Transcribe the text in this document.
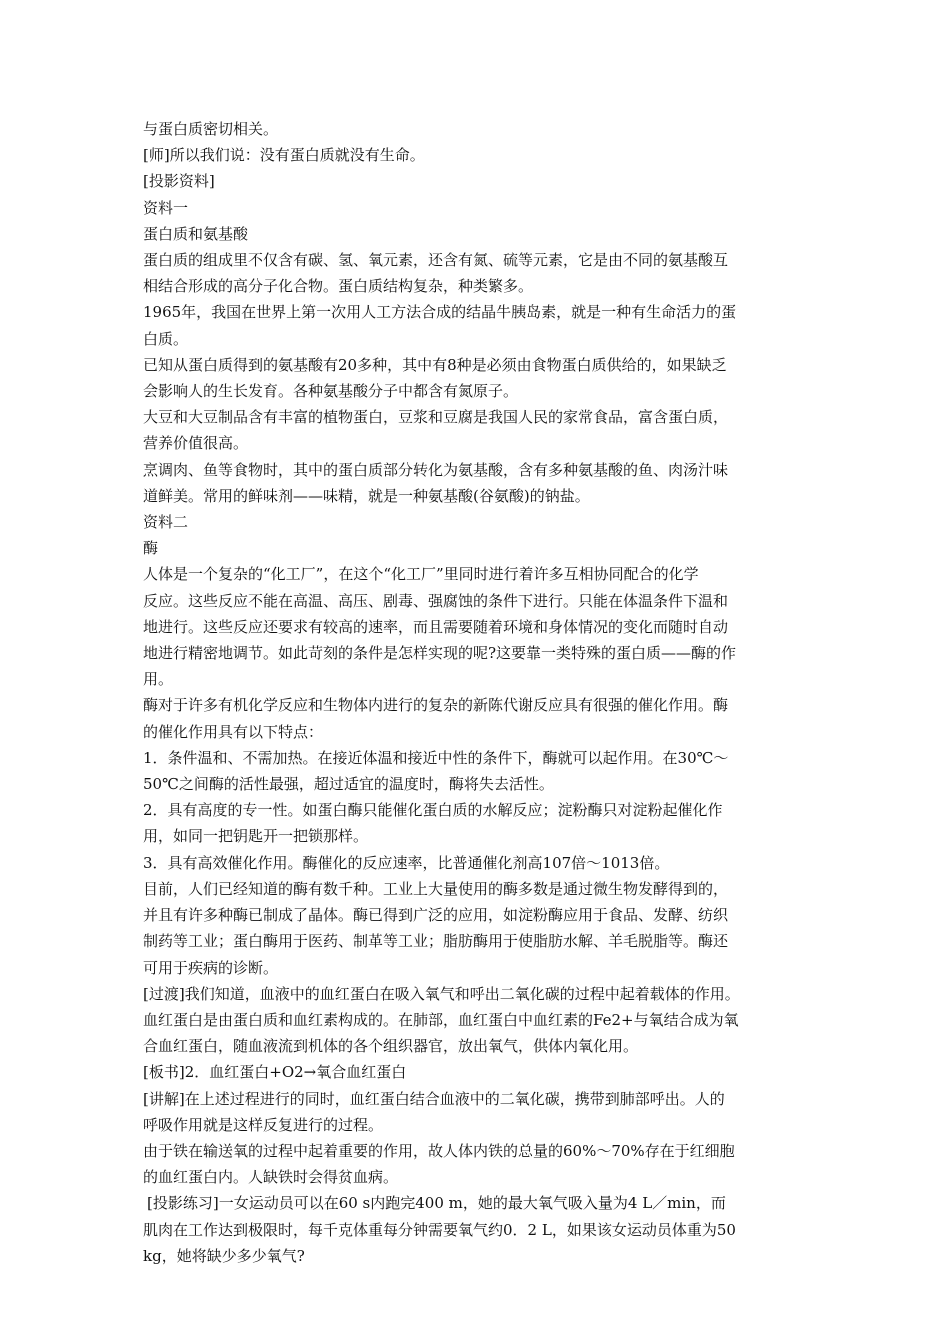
与蛋白质密切相关。
[师]所以我们说：没有蛋白质就没有生命。
[投影资料]
资料一
蛋白质和氨基酸
蛋白质的组成里不仅含有碳、氢、氧元素，还含有氮、硫等元素，它是由不同的氨基酸互
相结合形成的高分子化合物。蛋白质结构复杂，种类繁多。
1965年，我国在世界上第一次用人工方法合成的结晶牛胰岛素，就是一种有生命活力的蛋
白质。
已知从蛋白质得到的氨基酸有20多种，其中有8种是必须由食物蛋白质供给的，如果缺乏
会影响人的生长发育。各种氨基酸分子中都含有氮原子。
大豆和大豆制品含有丰富的植物蛋白，豆浆和豆腐是我国人民的家常食品，富含蛋白质，
营养价值很高。
烹调肉、鱼等食物时，其中的蛋白质部分转化为氨基酸，含有多种氨基酸的鱼、肉汤汁味
道鲜美。常用的鲜味剂——味精，就是一种氨基酸(谷氨酸)的钠盐。
资料二
酶
人体是一个复杂的“化工厂”，在这个“化工厂”里同时进行着许多互相协同配合的化学
反应。这些反应不能在高温、高压、剧毒、强腐蚀的条件下进行。只能在体温条件下温和
地进行。这些反应还要求有较高的速率，而且需要随着环境和身体情况的变化而随时自动
地进行精密地调节。如此苛刻的条件是怎样实现的呢?这要靠一类特殊的蛋白质——酶的作
用。
酶对于许多有机化学反应和生物体内进行的复杂的新陈代谢反应具有很强的催化作用。酶
的催化作用具有以下特点：
1．条件温和、不需加热。在接近体温和接近中性的条件下，酶就可以起作用。在30℃～
50℃之间酶的活性最强，超过适宜的温度时，酶将失去活性。
2．具有高度的专一性。如蛋白酶只能催化蛋白质的水解反应；淀粉酶只对淀粉起催化作
用，如同一把钥匙开一把锁那样。
3．具有高效催化作用。酶催化的反应速率，比普通催化剂高107倍～1013倍。
目前，人们已经知道的酶有数千种。工业上大量使用的酶多数是通过微生物发酵得到的，
并且有许多种酶已制成了晶体。酶已得到广泛的应用，如淀粉酶应用于食品、发酵、纺织
制药等工业；蛋白酶用于医药、制革等工业；脂肪酶用于使脂肪水解、羊毛脱脂等。酶还
可用于疾病的诊断。
[过渡]我们知道，血液中的血红蛋白在吸入氧气和呼出二氧化碳的过程中起着载体的作用。
血红蛋白是由蛋白质和血红素构成的。在肺部，血红蛋白中血红素的Fe2+与氧结合成为氧
合血红蛋白，随血液流到机体的各个组织器官，放出氧气，供体内氧化用。
[板书]2．血红蛋白+O2→氧合血红蛋白
[讲解]在上述过程进行的同时，血红蛋白结合血液中的二氧化碳，携带到肺部呼出。人的
呼吸作用就是这样反复进行的过程。
由于铁在输送氧的过程中起着重要的作用，故人体内铁的总量的60%～70%存在于红细胞
的血红蛋白内。人缺铁时会得贫血病。
[投影练习]一女运动员可以在60 s内跑完400 m，她的最大氧气吸入量为4 L／min，而
肌肉在工作达到极限时，每千克体重每分钟需要氧气约0．2 L，如果该女运动员体重为50
kg，她将缺少多少氧气?
